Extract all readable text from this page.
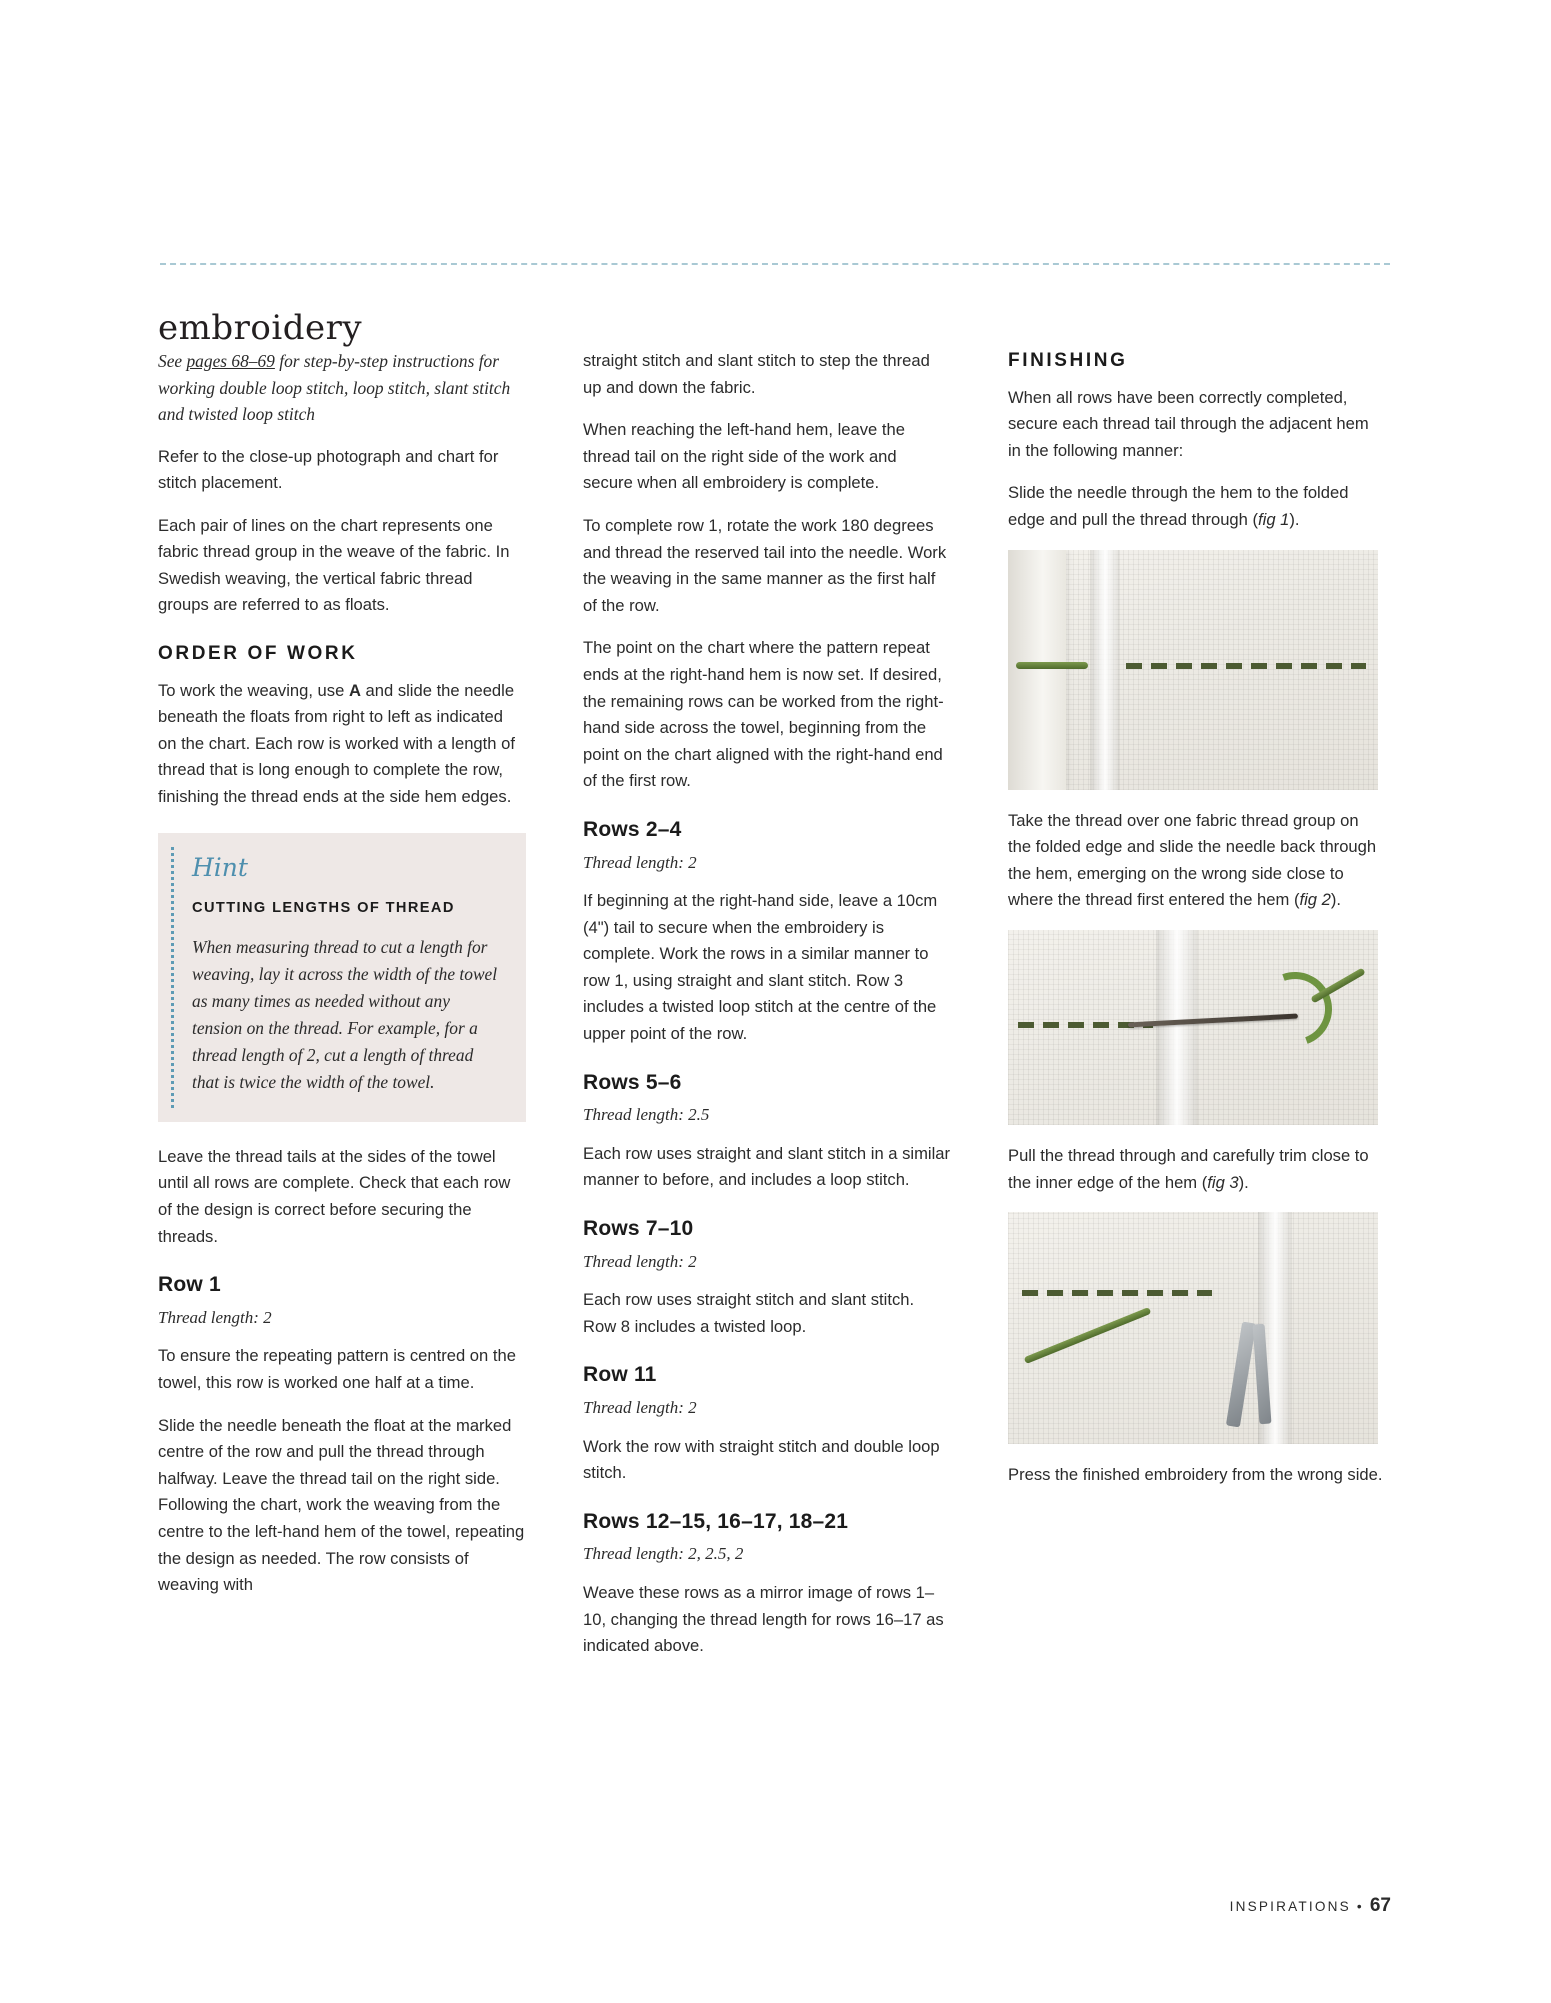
embroidery

See pages 68–69 for step-by-step instructions for working double loop stitch, loop stitch, slant stitch and twisted loop stitch

Refer to the close-up photograph and chart for stitch placement.

Each pair of lines on the chart represents one fabric thread group in the weave of the fabric. In Swedish weaving, the vertical fabric thread groups are referred to as floats.

ORDER OF WORK

To work the weaving, use A and slide the needle beneath the floats from right to left as indicated on the chart. Each row is worked with a length of thread that is long enough to complete the row, finishing the thread ends at the side hem edges.

Hint
CUTTING LENGTHS OF THREAD

When measuring thread to cut a length for weaving, lay it across the width of the towel as many times as needed without any tension on the thread. For example, for a thread length of 2, cut a length of thread that is twice the width of the towel.

Leave the thread tails at the sides of the towel until all rows are complete. Check that each row of the design is correct before securing the threads.

Row 1

Thread length: 2

To ensure the repeating pattern is centred on the towel, this row is worked one half at a time.

Slide the needle beneath the float at the marked centre of the row and pull the thread through halfway. Leave the thread tail on the right side. Following the chart, work the weaving from the centre to the left-hand hem of the towel, repeating the design as needed. The row consists of weaving with

straight stitch and slant stitch to step the thread up and down the fabric.

When reaching the left-hand hem, leave the thread tail on the right side of the work and secure when all embroidery is complete.

To complete row 1, rotate the work 180 degrees and thread the reserved tail into the needle. Work the weaving in the same manner as the first half of the row.

The point on the chart where the pattern repeat ends at the right-hand hem is now set. If desired, the remaining rows can be worked from the right-hand side across the towel, beginning from the point on the chart aligned with the right-hand end of the first row.

Rows 2–4

Thread length: 2

If beginning at the right-hand side, leave a 10cm (4") tail to secure when the embroidery is complete. Work the rows in a similar manner to row 1, using straight and slant stitch. Row 3 includes a twisted loop stitch at the centre of the upper point of the row.

Rows 5–6

Thread length: 2.5

Each row uses straight and slant stitch in a similar manner to before, and includes a loop stitch.

Rows 7–10

Thread length: 2

Each row uses straight stitch and slant stitch. Row 8 includes a twisted loop.

Row 11

Thread length: 2

Work the row with straight stitch and double loop stitch.

Rows 12–15, 16–17, 18–21

Thread length: 2, 2.5, 2

Weave these rows as a mirror image of rows 1–10, changing the thread length for rows 16–17 as indicated above.

FINISHING

When all rows have been correctly completed, secure each thread tail through the adjacent hem in the following manner:

Slide the needle through the hem to the folded edge and pull the thread through (fig 1).

Take the thread over one fabric thread group on the folded edge and slide the needle back through the hem, emerging on the wrong side close to where the thread first entered the hem (fig 2).

Pull the thread through and carefully trim close to the inner edge of the hem (fig 3).

Press the finished embroidery from the wrong side.

INSPIRATIONS • 67
